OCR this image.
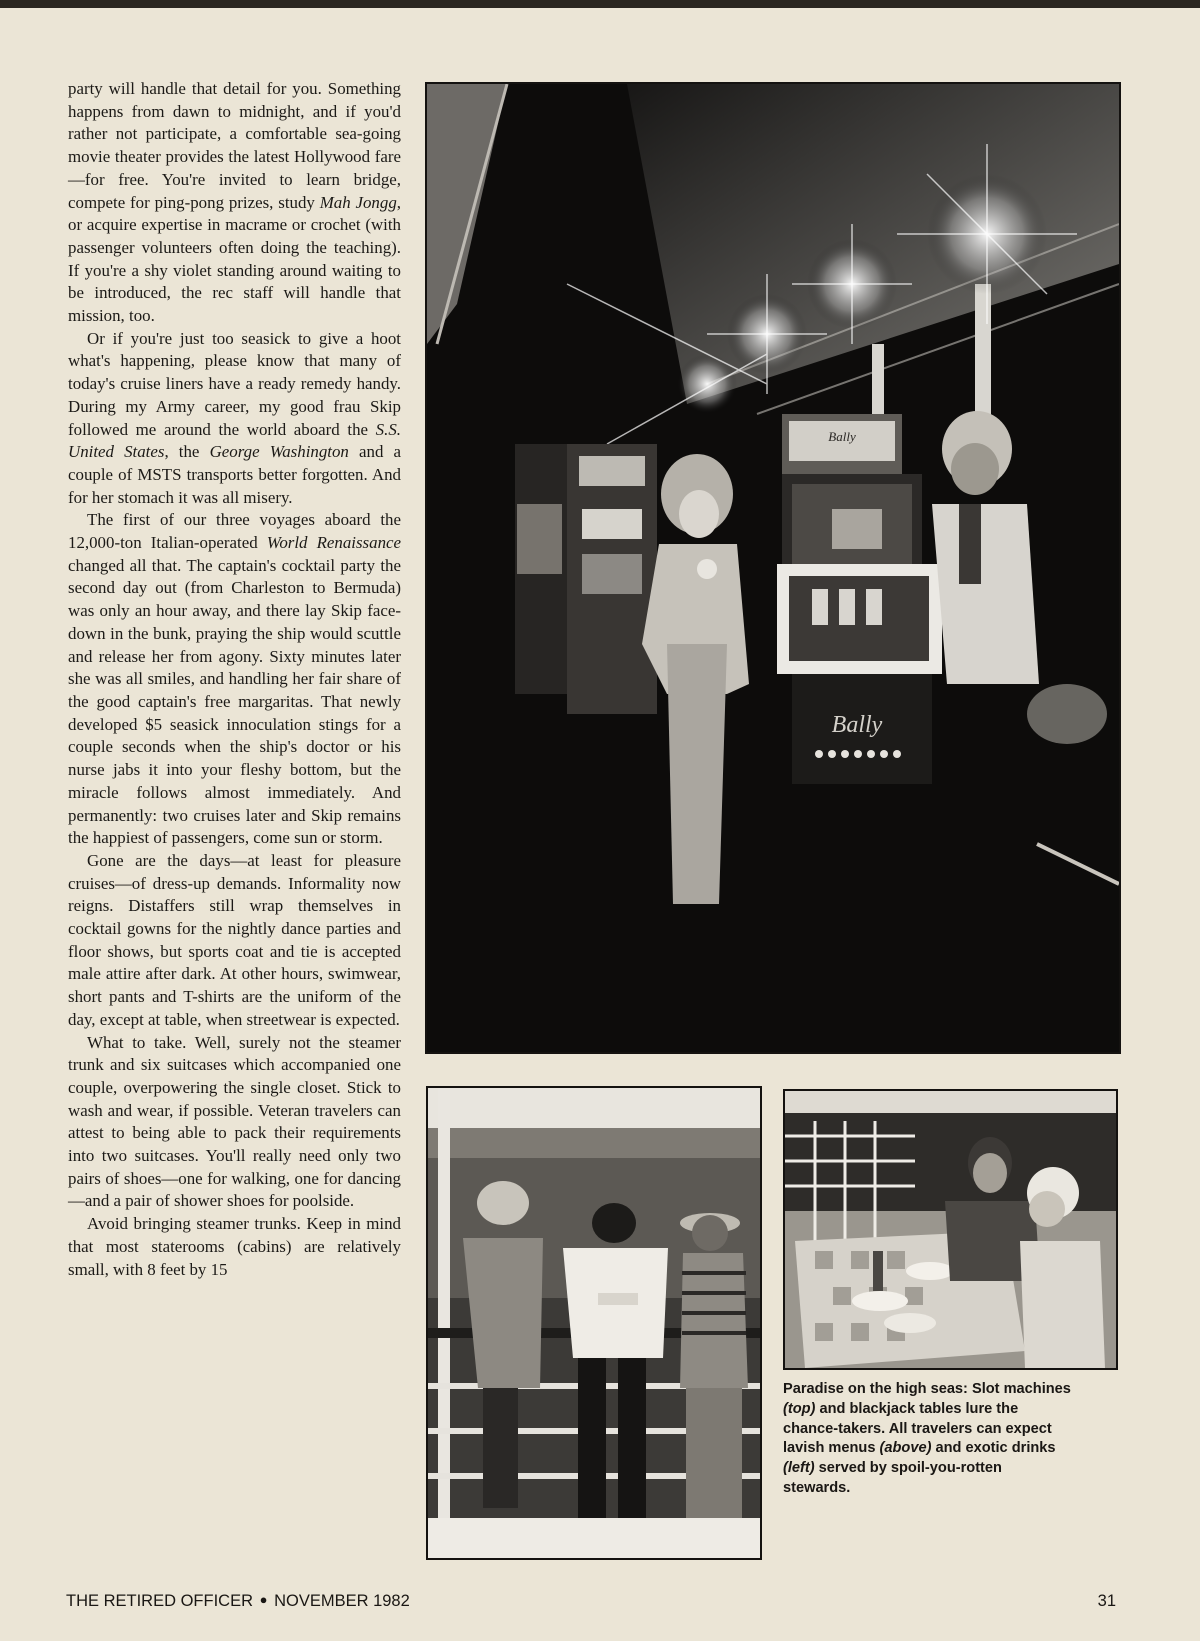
party will handle that detail for you. Something happens from dawn to midnight, and if you'd rather not participate, a comfortable sea-going movie theater provides the latest Hollywood fare—for free. You're invited to learn bridge, compete for ping-pong prizes, study Mah Jongg, or acquire expertise in macrame or crochet (with passenger volunteers often doing the teaching). If you're a shy violet standing around waiting to be introduced, the rec staff will handle that mission, too.

Or if you're just too seasick to give a hoot what's happening, please know that many of today's cruise liners have a ready remedy handy. During my Army career, my good frau Skip followed me around the world aboard the S.S. United States, the George Washington and a couple of MSTS transports better forgotten. And for her stomach it was all misery.

The first of our three voyages aboard the 12,000-ton Italian-operated World Renaissance changed all that. The captain's cocktail party the second day out (from Charleston to Bermuda) was only an hour away, and there lay Skip face-down in the bunk, praying the ship would scuttle and release her from agony. Sixty minutes later she was all smiles, and handling her fair share of the good captain's free margaritas. That newly developed $5 seasick innoculation stings for a couple seconds when the ship's doctor or his nurse jabs it into your fleshy bottom, but the miracle follows almost immediately. And permanently: two cruises later and Skip remains the happiest of passengers, come sun or storm.

Gone are the days—at least for pleasure cruises—of dress-up demands. Informality now reigns. Distaffers still wrap themselves in cocktail gowns for the nightly dance parties and floor shows, but sports coat and tie is accepted male attire after dark. At other hours, swimwear, short pants and T-shirts are the uniform of the day, except at table, when streetwear is expected.

What to take. Well, surely not the steamer trunk and six suitcases which accompanied one couple, overpowering the single closet. Stick to wash and wear, if possible. Veteran travelers can attest to being able to pack their requirements into two suitcases. You'll really need only two pairs of shoes—one for walking, one for dancing—and a pair of shower shoes for poolside.

Avoid bringing steamer trunks. Keep in mind that most staterooms (cabins) are relatively small, with 8 feet by 15

Bally
Bally
Paradise on the high seas: Slot machines (top) and blackjack tables lure the chance-takers. All travelers can expect lavish menus (above) and exotic drinks (left) served by spoil-you-rotten stewards.
THE RETIRED OFFICER ● NOVEMBER 1982	31
